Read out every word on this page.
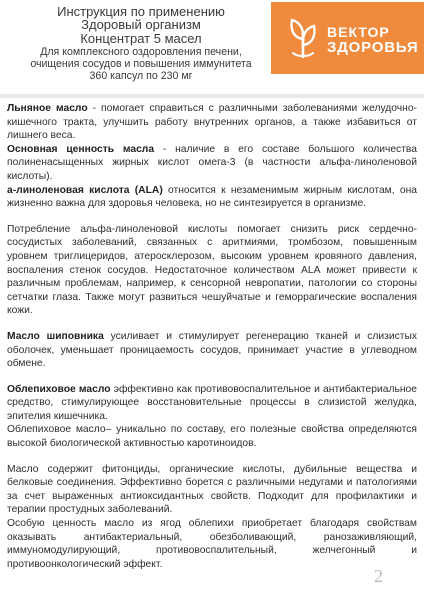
Инструкция по применению
Здоровый организм
Концентрат 5 масел
Для комплексного оздоровления печени,
очищения сосудов и повышения иммунитета
360 капсул по 230 мг
ВЕКТОР
ЗДОРОВЬЯ

Льняное масло - помогает справиться с различными заболеваниями желудочно-кишечного тракта, улучшить работу внутренних органов, а также избавиться от лишнего веса.

Основная ценность масла - наличие в его составе большого количества полиненасыщенных жирных кислот омега-3 (в частности альфа-линоленовой кислоты).

a-линоленовая кислота (ALA) относится к незаменимым жирным кислотам, она жизненно важна для здоровья человека, но не синтезируется в организме.

Потребление альфа-линоленовой кислоты помогает снизить риск сердечно-сосудистых заболеваний, связанных с аритмиями, тромбозом, повышенным уровнем триглицеридов, атеросклерозом, высоким уровнем кровяного давления, воспаления стенок сосудов. Недостаточное количеством ALA может привести к различным проблемам, например, к сенсорной невропатии, патологии со стороны сетчатки глаза. Также могут развиться чешуйчатые и геморрагические воспаления кожи.

Масло шиповника усиливает и стимулирует регенерацию тканей и слизистых оболочек, уменьшает проницаемость сосудов, принимает участие в углеводном обмене.

Облепиховое масло эффективно как противовоспалительное и антибактериальное средство, стимулирующее восстановительные процессы в слизистой желудка, эпителия кишечника.

Облепиховое масло– уникально по составу, его полезные свойства определяются высокой биологической активностью каротиноидов.

Масло содержит фитонциды, органические кислоты, дубильные вещества и белковые соединения. Эффективно борется с различными недугами и патологиями за счет выраженных антиоксидантных свойств. Подходит для профилактики и терапии простудных заболеваний.

Особую ценность масло из ягод облепихи приобретает благодаря свойствам оказывать антибактериальный, обезболивающий, ранозаживляющий, иммуномодулирующий, противовоспалительный, желчегонный и противоонкологический эффект.

2
